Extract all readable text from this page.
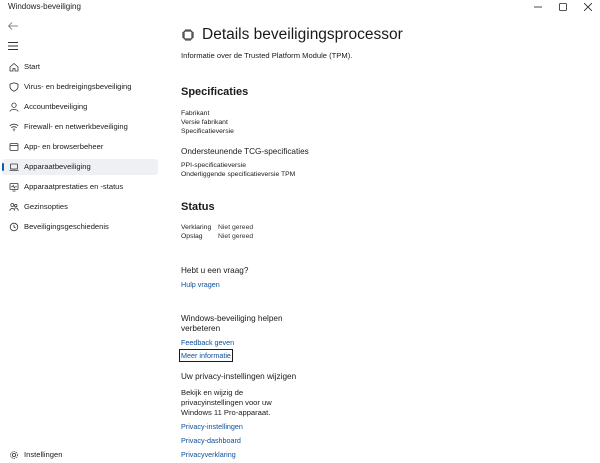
Windows-beveiliging
Start
Virus- en bedreigingsbeveiliging
Accountbeveiliging
Firewall- en netwerkbeveiliging
App- en browserbeheer
Apparaatbeveiliging
Apparaatprestaties en -status
Gezinsopties
Beveiligingsgeschiedenis
Instellingen
Details beveiligingsprocessor
Informatie over de Trusted Platform Module (TPM).
Specificaties
Fabrikant
Versie fabrikant
Specificatieversie
Ondersteunende TCG-specificaties
PPI-specificatieversie
Onderliggende specificatieversie TPM
Status
Verklaring Niet gereed
Opslag Niet gereed
Hebt u een vraag?
Hulp vragen
Windows-beveiliging helpen
verbeteren
Feedback geven
Meer informatie
Uw privacy-instellingen wijzigen
Bekijk en wijzig de
privacyinstellingen voor uw
Windows 11 Pro-apparaat.
Privacy-instellingen
Privacy-dashboard
Privacyverklaring
